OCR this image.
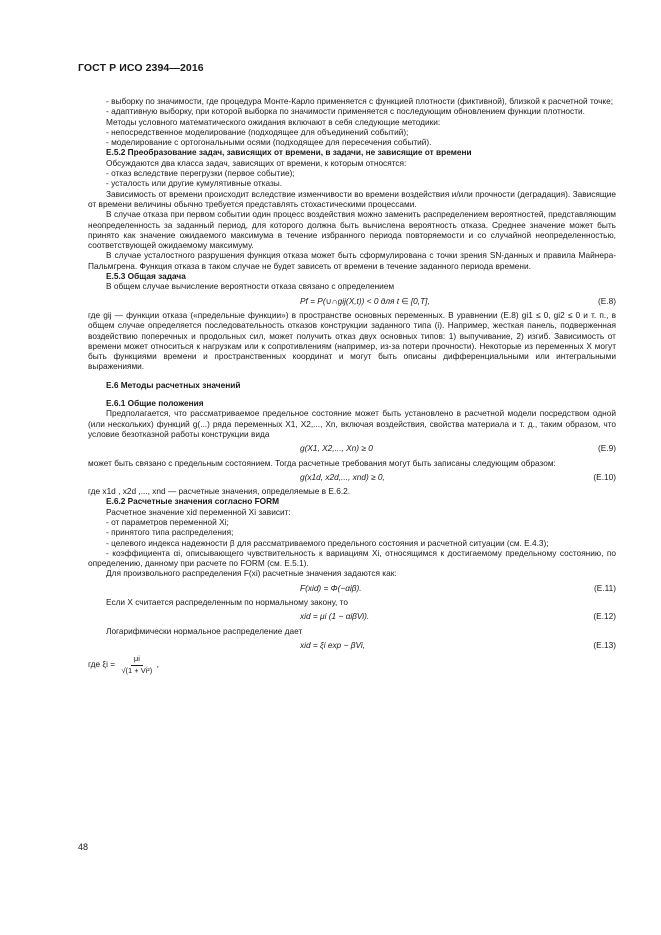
ГОСТ Р ИСО 2394—2016

- выборку по значимости, где процедура Монте-Карло применяется с функцией плотности (фиктивной), близкой к расчетной точке;

- адаптивную выборку, при которой выборка по значимости применяется с последующим обновлением функции плотности.

Методы условного математического ожидания включают в себя следующие методики:

- непосредственное моделирование (подходящее для объединений событий);

- моделирование с ортогональными осями (подходящее для пересечения событий).

Е.5.2 Преобразование задач, зависящих от времени, в задачи, не зависящие от времени

Обсуждаются два класса задач, зависящих от времени, к которым относятся:

- отказ вследствие перегрузки (первое событие);

- усталость или другие кумулятивные отказы.

Зависимость от времени происходит вследствие изменчивости во времени воздействия и/или прочности (деградация). Зависящие от времени величины обычно требуется представлять стохастическими процессами.

В случае отказа при первом событии один процесс воздействия можно заменить распределением вероятностей, представляющим неопределенность за заданный период, для которого должна быть вычислена вероятность отказа. Среднее значение может быть принято как значение ожидаемого максимума в течение избранного периода повторяемости и со случайной неопределенностью, соответствующей ожидаемому максимуму.

В случае усталостного разрушения функция отказа может быть сформулирована с точки зрения SN-данных и правила Майнера-Пальмгрена. Функция отказа в таком случае не будет зависеть от времени в течение заданного периода времени.

Е.5.3 Общая задача

В общем случае вычисление вероятности отказа связано с определением

Pf = P(∪∩gij(X,t)) < 0 для t ∈ [0,T],	(Е.8)

где gij — функции отказа («предельные функции») в пространстве основных переменных. В уравнении (Е.8) gi1 ≤ 0, gi2 ≤ 0 и т. п., в общем случае определяется последовательность отказов конструкции заданного типа (i). Например, жесткая панель, подверженная воздействию поперечных и продольных сил, может получить отказ двух основных типов: 1) выпучивание, 2) изгиб. Зависимость от времени может относиться к нагрузкам или к сопротивлениям (например, из-за потери прочности). Некоторые из переменных X могут быть функциями времени и пространственных координат и могут быть описаны дифференциальными или интегральными выражениями.

Е.6 Методы расчетных значений

Е.6.1 Общие положения

Предполагается, что рассматриваемое предельное состояние может быть установлено в расчетной модели посредством одной (или нескольких) функций g(...) ряда переменных X1, X2,..., Xn, включая воздействия, свойства материала и т. д., таким образом, что условие безотказной работы конструкции вида

g(X1, X2,..., Xn) ≥ 0	(Е.9)

может быть связано с предельным состоянием. Тогда расчетные требования могут быть записаны следующим образом:

g(x1d, x2d,..., xnd) ≥ 0,	(Е.10)

где x1d , x2d ,..., xnd — расчетные значения, определяемые в Е.6.2.

Е.6.2 Расчетные значения согласно FORM

Расчетное значение xid переменной Xi зависит:

- от параметров переменной Xi;

- принятого типа распределения;

- целевого индекса надежности β для рассматриваемого предельного состояния и расчетной ситуации (см. Е.4.3);

- коэффициента αi, описывающего чувствительность к вариациям Xi, относящимся к достигаемому предельному состоянию, по определению, данному при расчете по FORM (см. Е.5.1).

Для произвольного распределения F(xi) расчетные значения задаются как:

F(xid) = Φ(−αiβ).	(Е.11)

Если X считается распределенным по нормальному закону, то

xid = μi (1 − αiβVi).	(Е.12)

Логарифмически нормальное распределение дает

xid = ξi exp − βVi,	(Е.13)

где $\xi i = \frac{\mu i}{\text{√(1 + Vi²)}}$ ,

48
